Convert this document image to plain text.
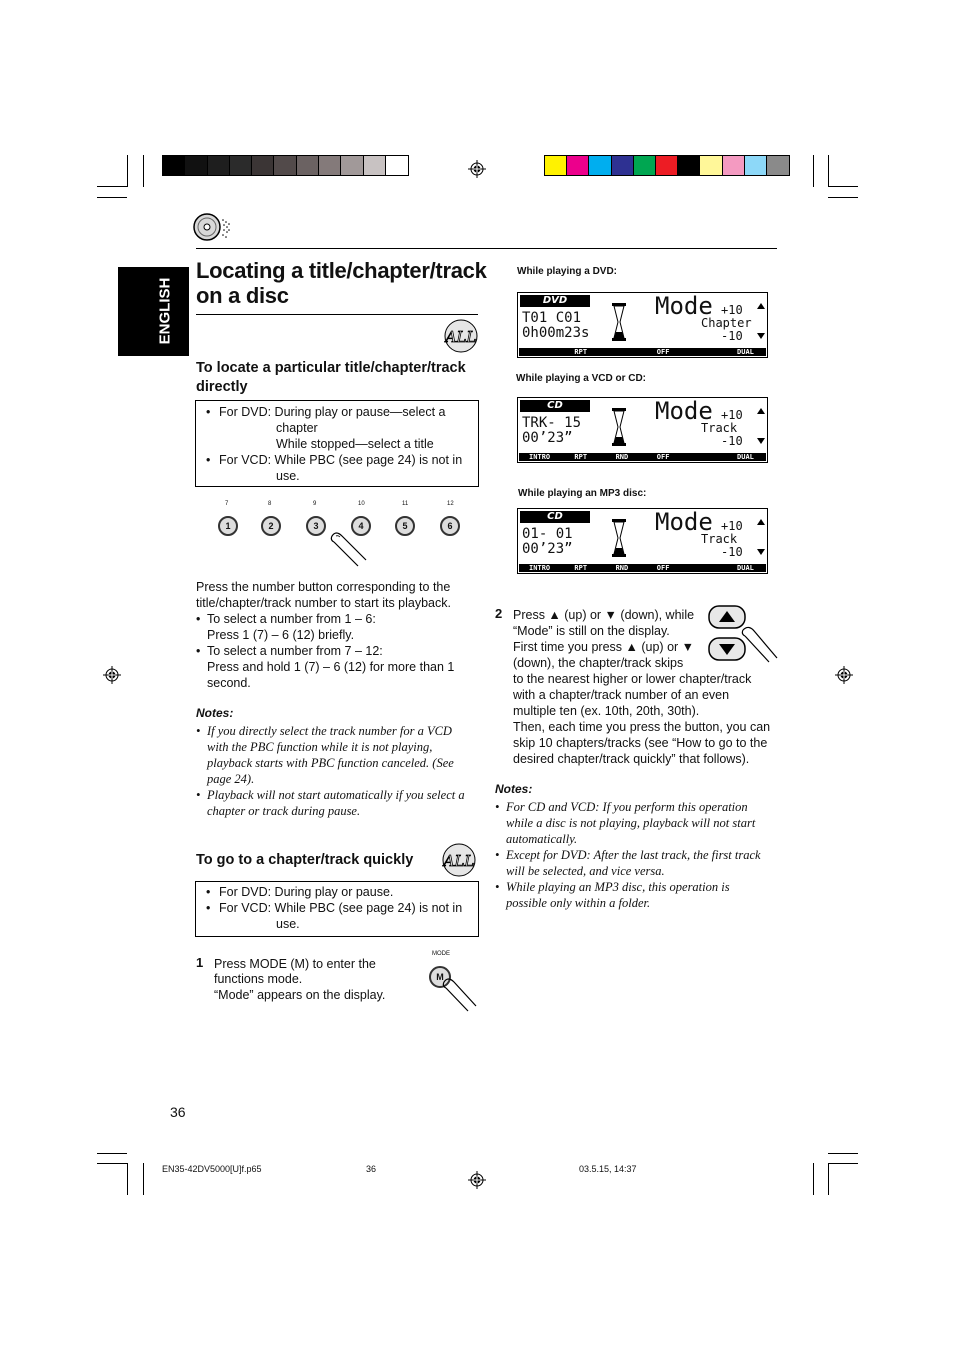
ENGLISH
Locating a title/chapter/track
on a disc
ALL
To locate a particular title/chapter/track
directly
• For DVD: During play or pause—select a
chapter
While stopped—select a title
• For VCD: While PBC (see page 24) is not in
use.
7
1
8
2
9
3
10
4
11
5
12
6
Press the number button corresponding to the
title/chapter/track number to start its playback.
• To select a number from 1 – 6:
Press 1 (7) – 6 (12) briefly.
• To select a number from 7 – 12:
Press and hold 1 (7) – 6 (12) for more than 1
second.
Notes:
• If you directly select the track number for a VCD
with the PBC function while it is not playing,
playback starts with PBC function canceled. (See
page 24).
• Playback will not start automatically if you select a
chapter or track during pause.
To go to a chapter/track quickly ALL
• For DVD: During play or pause.
• For VCD: While PBC (see page 24) is not in
use.
1 Press MODE (M) to enter the
functions mode.
“Mode” appears on the display.
MODE
M
While playing a DVD:
DVD
T01 C01
0h00m23s
Mode +10
Chapter
-10
RPT	OFF	DUAL
While playing a VCD or CD:
CD
TRK- 15
00’23”
Mode +10
Track
-10
INTRO	RPT	RND	OFF	DUAL
While playing an MP3 disc:
CD
01- 01
00’23”
Mode +10
Track
-10
INTRO	RPT	RND	OFF	DUAL
2 Press ▲ (up) or ▼ (down), while
“Mode” is still on the display.
First time you press ▲ (up) or ▼
(down), the chapter/track skips
to the nearest higher or lower chapter/track
with a chapter/track number of an even
multiple ten (ex. 10th, 20th, 30th).
Then, each time you press the button, you can
skip 10 chapters/tracks (see “How to go to the
desired chapter/track quickly” that follows).
Notes:
• For CD and VCD: If you perform this operation
while a disc is not playing, playback will not start
automatically.
• Except for DVD: After the last track, the first track
will be selected, and vice versa.
• While playing an MP3 disc, this operation is
possible only within a folder.
36
EN35-42DV5000[U]f.p65	36	03.5.15, 14:37
